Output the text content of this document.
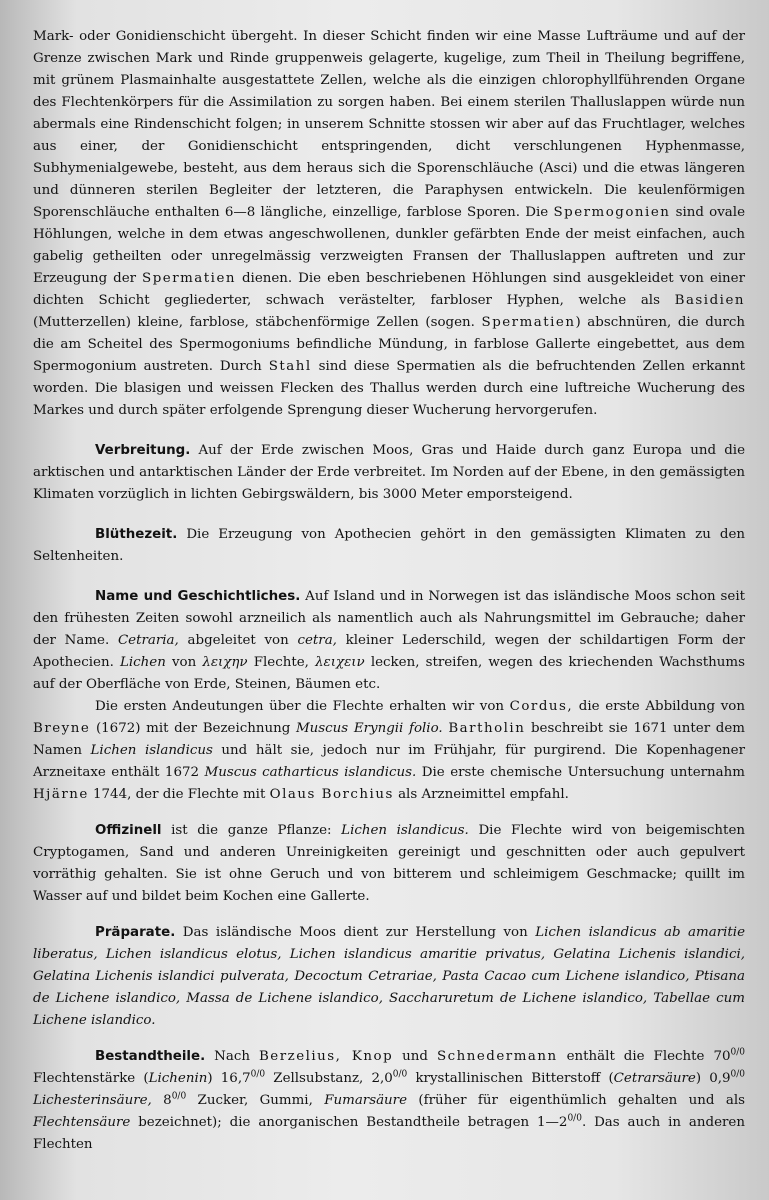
Mark- oder Gonidienschicht übergeht. In dieser Schicht finden wir eine Masse Lufträume und auf der Grenze zwischen Mark und Rinde gruppenweis gelagerte, kugelige, zum Theil in Theilung begriffene, mit grünem Plasmainhalte ausgestattete Zellen, welche als die einzigen chlorophyllführenden Organe des Flechtenkörpers für die Assimilation zu sorgen haben. Bei einem sterilen Thalluslappen würde nun abermals eine Rindenschicht folgen; in unserem Schnitte stossen wir aber auf das Fruchtlager, welches aus einer, der Gonidienschicht entspringenden, dicht verschlungenen Hyphenmasse, Subhymenialgewebe, besteht, aus dem heraus sich die Sporenschläuche (Asci) und die etwas längeren und dünneren sterilen Begleiter der letzteren, die Paraphysen entwickeln. Die keulenförmigen Sporenschläuche enthalten 6—8 längliche, einzellige, farblose Sporen. Die Spermogonien sind ovale Höhlungen, welche in dem etwas angeschwollenen, dunkler gefärbten Ende der meist einfachen, auch gabelig getheilten oder unregelmässig verzweigten Fransen der Thalluslappen auftreten und zur Erzeugung der Spermatien dienen. Die eben beschriebenen Höhlungen sind ausgekleidet von einer dichten Schicht gegliederter, schwach verästelter, farbloser Hyphen, welche als Basidien (Mutterzellen) kleine, farblose, stäbchenförmige Zellen (sogen. Spermatien) abschnüren, die durch die am Scheitel des Spermogoniums befindliche Mündung, in farblose Gallerte eingebettet, aus dem Spermogonium austreten. Durch Stahl sind diese Spermatien als die befruchtenden Zellen erkannt worden. Die blasigen und weissen Flecken des Thallus werden durch eine luftreiche Wucherung des Markes und durch später erfolgende Sprengung dieser Wucherung hervorgerufen.

Verbreitung. Auf der Erde zwischen Moos, Gras und Haide durch ganz Europa und die arktischen und antarktischen Länder der Erde verbreitet. Im Norden auf der Ebene, in den gemässigten Klimaten vorzüglich in lichten Gebirgswäldern, bis 3000 Meter emporsteigend.

Blüthezeit. Die Erzeugung von Apothecien gehört in den gemässigten Klimaten zu den Seltenheiten.

Name und Geschichtliches. Auf Island und in Norwegen ist das isländische Moos schon seit den frühesten Zeiten sowohl arzneilich als namentlich auch als Nahrungsmittel im Gebrauche; daher der Name. Cetraria, abgeleitet von cetra, kleiner Lederschild, wegen der schildartigen Form der Apothecien. Lichen von λειχην Flechte, λειχειν lecken, streifen, wegen des kriechenden Wachsthums auf der Oberfläche von Erde, Steinen, Bäumen etc.

Die ersten Andeutungen über die Flechte erhalten wir von Cordus, die erste Abbildung von Breyne (1672) mit der Bezeichnung Muscus Eryngii folio. Bartholin beschreibt sie 1671 unter dem Namen Lichen islandicus und hält sie, jedoch nur im Frühjahr, für purgirend. Die Kopenhagener Arzneitaxe enthält 1672 Muscus catharticus islandicus. Die erste chemische Untersuchung unternahm Hjärne 1744, der die Flechte mit Olaus Borchius als Arzneimittel empfahl.

Offizinell ist die ganze Pflanze: Lichen islandicus. Die Flechte wird von beigemischten Cryptogamen, Sand und anderen Unreinigkeiten gereinigt und geschnitten oder auch gepulvert vorräthig gehalten. Sie ist ohne Geruch und von bitterem und schleimigem Geschmacke; quillt im Wasser auf und bildet beim Kochen eine Gallerte.

Präparate. Das isländische Moos dient zur Herstellung von Lichen islandicus ab amaritie liberatus, Lichen islandicus elotus, Lichen islandicus amaritie privatus, Gelatina Lichenis islandici, Gelatina Lichenis islandici pulverata, Decoctum Cetrariae, Pasta Cacao cum Lichene islandico, Ptisana de Lichene islandico, Massa de Lichene islandico, Saccharuretum de Lichene islandico, Tabellae cum Lichene islandico.

Bestandtheile. Nach Berzelius, Knop und Schnedermann enthält die Flechte $70^{0/0}$ Flechtenstärke (Lichenin) $16,7^{0/0}$ Zellsubstanz, $2,0^{0/0}$ krystallinischen Bitterstoff (Cetrarsäure) $0,9^{0/0}$ Lichesterinsäure, $8^{0/0}$ Zucker, Gummi, Fumarsäure (früher für eigenthümlich gehalten und als Flechtensäure bezeichnet); die anorganischen Bestandtheile betragen $1—2^{0/0}$. Das auch in anderen Flechten
